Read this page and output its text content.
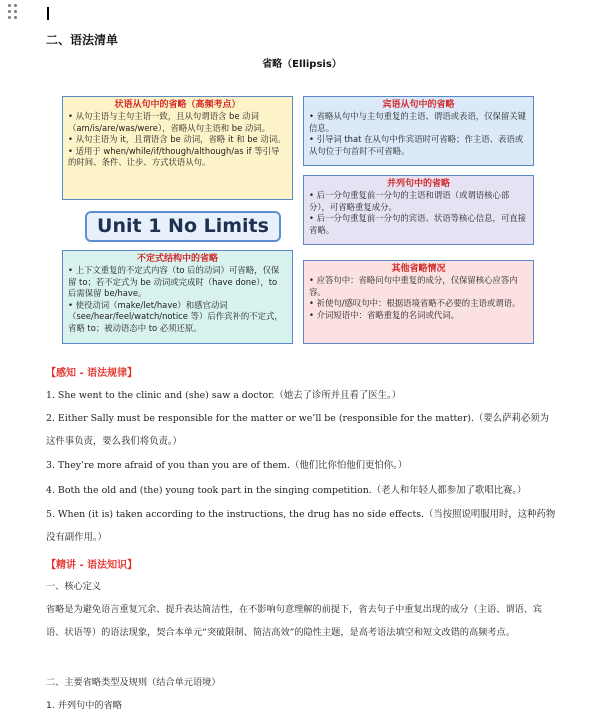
二、语法清单
省略（Ellipsis）
状语从句中的省略（高频考点）
• 从句主语与主句主语一致，且从句谓语含 be 动词（am/is/are/was/were），省略从句主语和 be 动词。
• 从句主语为 it，且谓语含 be 动词，省略 it 和 be 动词。
• 适用于 when/while/if/though/although/as if 等引导的时间、条件、让步、方式状语从句。
宾语从句中的省略
• 省略从句中与主句重复的主语、谓语或表语，仅保留关键信息。
• 引导词 that 在从句中作宾语时可省略；作主语、表语或从句位于句首时不可省略。
并列句中的省略
• 后一分句重复前一分句的主语和谓语（或谓语核心部分），可省略重复成分。
• 后一分句重复前一分句的宾语、状语等核心信息，可直接省略。
Unit 1 No Limits
不定式结构中的省略
• 上下文重复的不定式内容（to 后的动词）可省略，仅保留 to；若不定式为 be 动词或完成时（have done），to 后需保留 be/have。
• 使役动词（make/let/have）和感官动词（see/hear/feel/watch/notice 等）后作宾补的不定式，省略 to；被动语态中 to 必须还原。
其他省略情况
• 应答句中：省略问句中重复的成分，仅保留核心应答内容。
• 祈使句/感叹句中：根据语境省略不必要的主语或谓语。
• 介词短语中：省略重复的名词或代词。
【感知 - 语法规律】
1. She went to the clinic and (she) saw a doctor.（她去了诊所并且看了医生。）
2. Either Sally must be responsible for the matter or we’ll be (responsible for the matter).（要么萨莉必须为这件事负责，要么我们将负责。）
3. They’re more afraid of you than you are of them.（他们比你怕他们更怕你。）
4. Both the old and (the) young took part in the singing competition.（老人和年轻人都参加了歌唱比赛。）
5. When (it is) taken according to the instructions, the drug has no side effects.（当按照说明服用时，这种药物没有副作用。）
【精讲 - 语法知识】
一、核心定义
省略是为避免语言重复冗余、提升表达简洁性，在不影响句意理解的前提下，省去句子中重复出现的成分（主语、谓语、宾语、状语等）的语法现象，契合本单元“突破限制、简洁高效”的隐性主题，是高考语法填空和短文改错的高频考点。
二、主要省略类型及规则（结合单元语境）
1. 并列句中的省略
